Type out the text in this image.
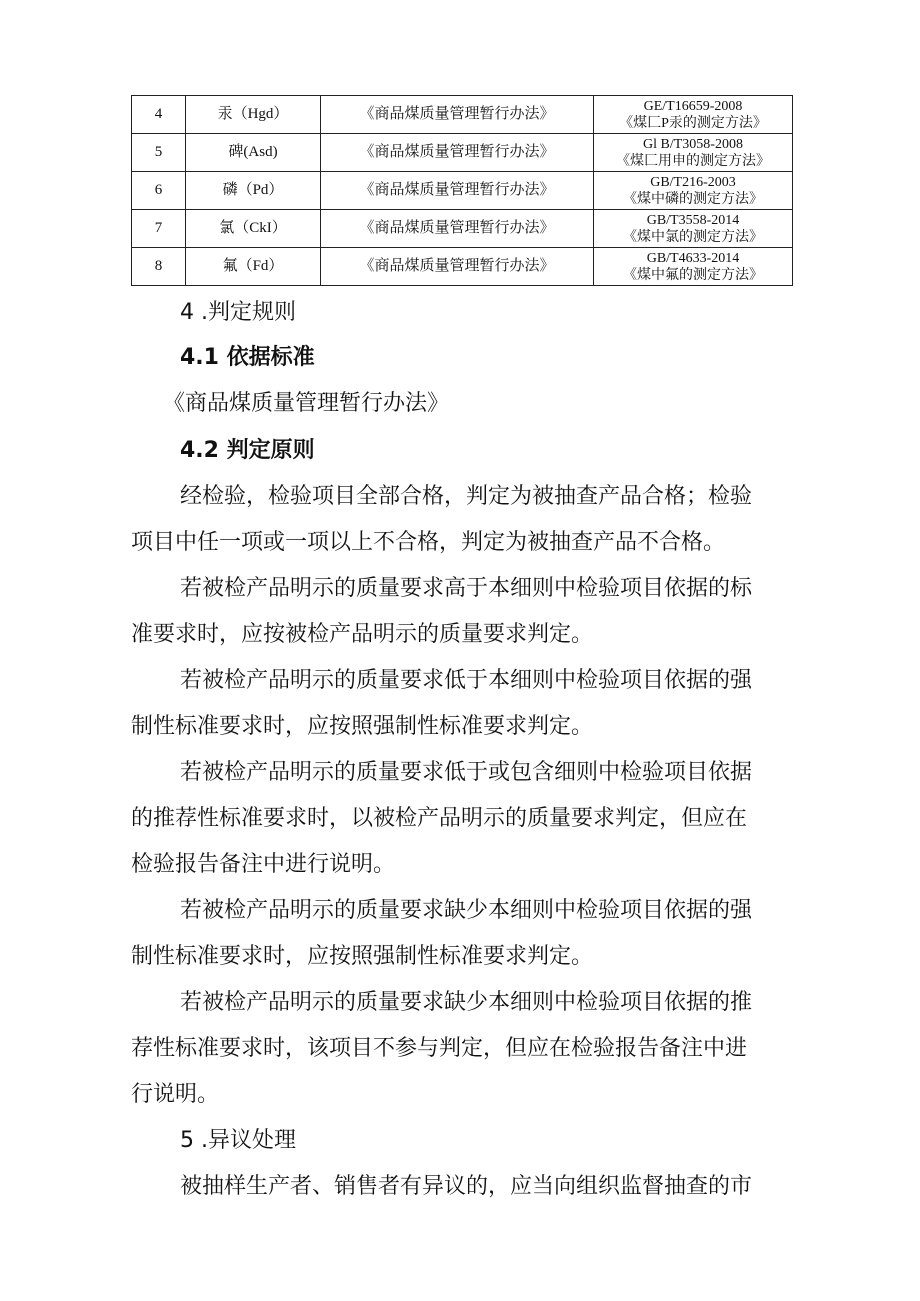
4	汞（Hgd）	《商品煤质量管理暂行办法》	GE/T16659-2008
《煤匚P汞的测定方法》

5	碑(Asd)	《商品煤质量管理暂行办法》	Gl B/T3058-2008
《煤匚用申的测定方法》

6	磷（Pd）	《商品煤质量管理暂行办法》	GB/T216-2003
《煤中磷的测定方法》

7	氯（CkI）	《商品煤质量管理暂行办法》	GB/T3558-2014
《煤中氯的测定方法》

8	氟（Fd）	《商品煤质量管理暂行办法》	GB/T4633-2014
《煤中氟的测定方法》
4 .判定规则
4.1 依据标准
《商品煤质量管理暂行办法》
4.2 判定原则
经检验，检验项目全部合格，判定为被抽查产品合格；检验
项目中任一项或一项以上不合格，判定为被抽查产品不合格。
若被检产品明示的质量要求高于本细则中检验项目依据的标
准要求时，应按被检产品明示的质量要求判定。
若被检产品明示的质量要求低于本细则中检验项目依据的强
制性标准要求时，应按照强制性标准要求判定。
若被检产品明示的质量要求低于或包含细则中检验项目依据
的推荐性标准要求时，以被检产品明示的质量要求判定，但应在
检验报告备注中进行说明。
若被检产品明示的质量要求缺少本细则中检验项目依据的强
制性标准要求时，应按照强制性标准要求判定。
若被检产品明示的质量要求缺少本细则中检验项目依据的推
荐性标准要求时，该项目不参与判定，但应在检验报告备注中进
行说明。
5 .异议处理
被抽样生产者、销售者有异议的，应当向组织监督抽查的市
